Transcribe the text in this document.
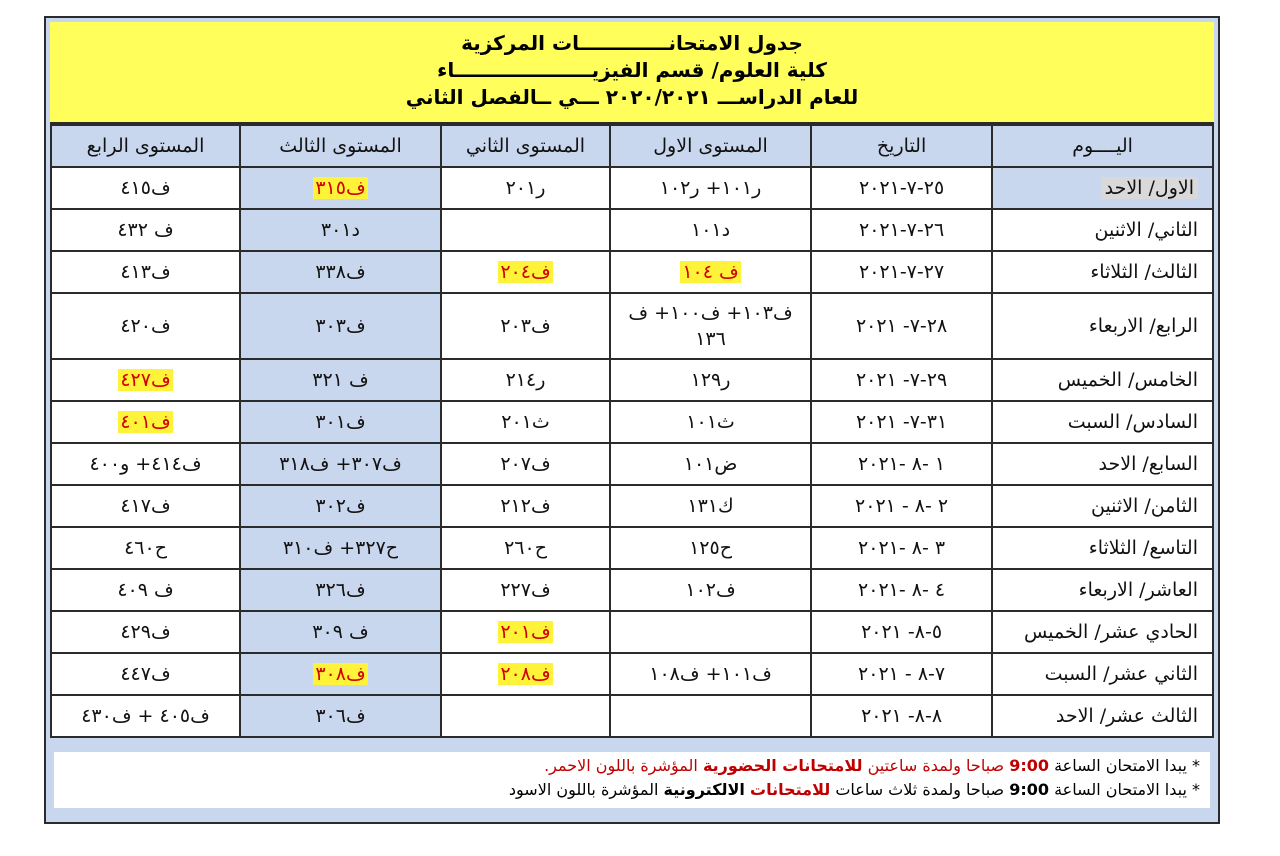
جدول الامتحانـــــــــــــات المركزية
كلية العلوم/ قسم الفيزيــــــــــــــــــــاء
للعام الدراســـ ٢٠٢٠/٢٠٢١ ـــي ــالفصل الثاني
اليــــوم	التاريخ	المستوى الاول	المستوى الثاني	المستوى الثالث	المستوى الرابع
الاول/ الاحد	٢٥-٧-٢٠٢١	ر١٠١+ ر١٠٢	ر٢٠١	ف٣١٥	ف٤١٥
الثاني/ الاثنين	٢٦-٧-٢٠٢١	د١٠١		د٣٠١	ف ٤٣٢
الثالث/ الثلاثاء	٢٧-٧-٢٠٢١	ف ١٠٤	ف٢٠٤	ف٣٣٨	ف٤١٣
الرابع/ الاربعاء	٢٨-٧- ٢٠٢١	ف١٠٣+ ف١٠٠+ ف ١٣٦	ف٢٠٣	ف٣٠٣	ف٤٢٠
الخامس/ الخميس	٢٩-٧- ٢٠٢١	ر١٢٩	ر٢١٤	ف ٣٢١	ف٤٢٧
السادس/ السبت	٣١-٧- ٢٠٢١	ث١٠١	ث٢٠١	ف٣٠١	ف٤٠١
السابع/ الاحد	١ -٨ -٢٠٢١	ض١٠١	ف٢٠٧	ف٣٠٧+ ف٣١٨	ف٤١٤+ و٤٠٠
الثامن/ الاثنين	٢ -٨ - ٢٠٢١	ك١٣١	ف٢١٢	ف٣٠٢	ف٤١٧
التاسع/ الثلاثاء	٣ -٨ -٢٠٢١	ح١٢٥	ح٢٦٠	ح٣٢٧+ ف٣١٠	ح٤٦٠
العاشر/ الاربعاء	٤ -٨ -٢٠٢١	ف١٠٢	ف٢٢٧	ف٣٢٦	ف ٤٠٩
الحادي عشر/ الخميس	٥-٨- ٢٠٢١		ف٢٠١	ف ٣٠٩	ف٤٢٩
الثاني عشر/ السبت	٧-٨ - ٢٠٢١	ف١٠١+ ف١٠٨	ف٢٠٨	ف٣٠٨	ف٤٤٧
الثالث عشر/ الاحد	٨-٨- ٢٠٢١			ف٣٠٦	ف٤٠٥ + ف٤٣٠
* يبدا الامتحان الساعة 9:00 صباحا ولمدة ساعتين للامتحانات الحضورية المؤشرة باللون الاحمر.
* يبدا الامتحان الساعة 9:00 صباحا ولمدة ثلاث ساعات للامتحانات الالكترونية المؤشرة باللون الاسود
